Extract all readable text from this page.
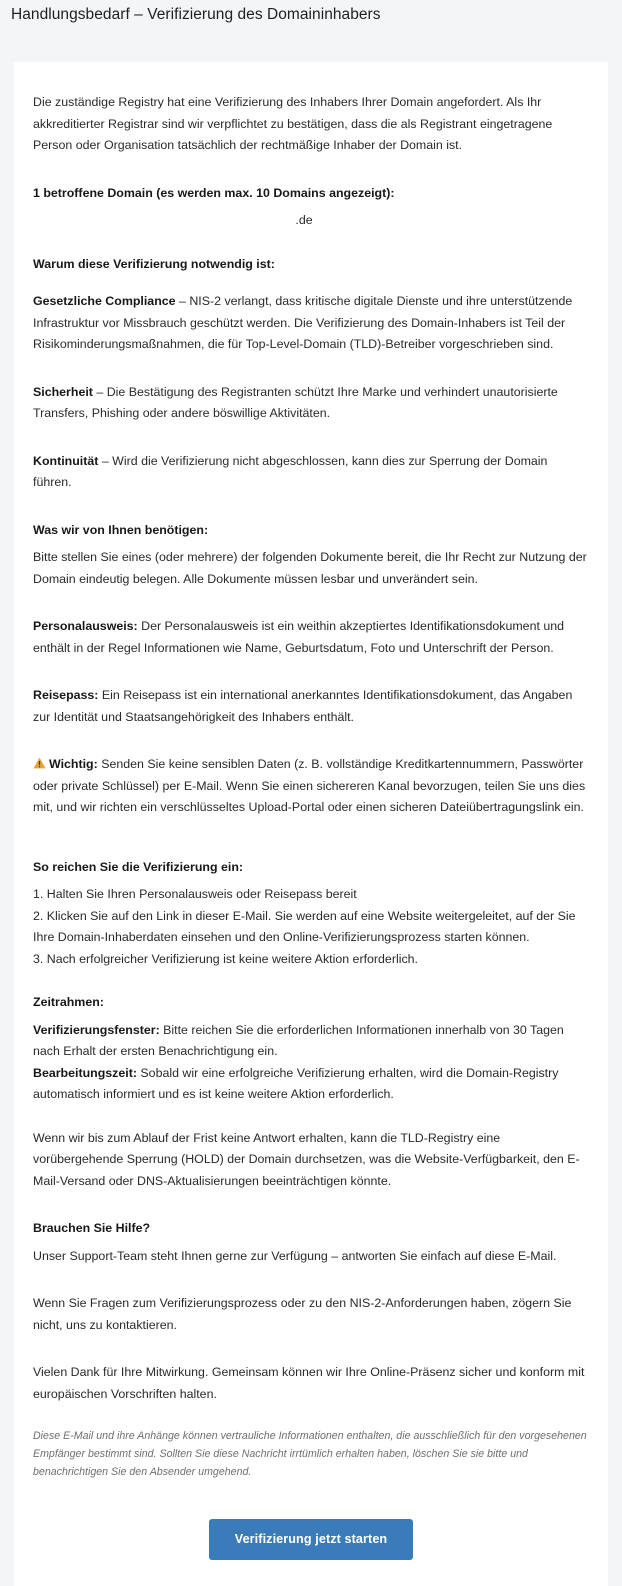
Handlungsbedarf – Verifizierung des Domaininhabers

Die zuständige Registry hat eine Verifizierung des Inhabers Ihrer Domain angefordert. Als Ihr akkreditierter Registrar sind wir verpflichtet zu bestätigen, dass die als Registrant eingetragene Person oder Organisation tatsächlich der rechtmäßige Inhaber der Domain ist.

1 betroffene Domain (es werden max. 10 Domains angezeigt):
.de
Warum diese Verifizierung notwendig ist:

Gesetzliche Compliance – NIS-2 verlangt, dass kritische digitale Dienste und ihre unterstützende Infrastruktur vor Missbrauch geschützt werden. Die Verifizierung des Domain-Inhabers ist Teil der Risikominderungsmaßnahmen, die für Top-Level-Domain (TLD)-Betreiber vorgeschrieben sind.

Sicherheit – Die Bestätigung des Registranten schützt Ihre Marke und verhindert unautorisierte Transfers, Phishing oder andere böswillige Aktivitäten.

Kontinuität – Wird die Verifizierung nicht abgeschlossen, kann dies zur Sperrung der Domain führen.

Was wir von Ihnen benötigen:

Bitte stellen Sie eines (oder mehrere) der folgenden Dokumente bereit, die Ihr Recht zur Nutzung der Domain eindeutig belegen. Alle Dokumente müssen lesbar und unverändert sein.

Personalausweis: Der Personalausweis ist ein weithin akzeptiertes Identifikationsdokument und enthält in der Regel Informationen wie Name, Geburtsdatum, Foto und Unterschrift der Person.

Reisepass: Ein Reisepass ist ein international anerkanntes Identifikationsdokument, das Angaben zur Identität und Staatsangehörigkeit des Inhabers enthält.

Wichtig: Senden Sie keine sensiblen Daten (z. B. vollständige Kreditkartennummern, Passwörter oder private Schlüssel) per E-Mail. Wenn Sie einen sichereren Kanal bevorzugen, teilen Sie uns dies mit, und wir richten ein verschlüsseltes Upload-Portal oder einen sicheren Dateiübertragungslink ein.

So reichen Sie die Verifizierung ein:
1. Halten Sie Ihren Personalausweis oder Reisepass bereit
2. Klicken Sie auf den Link in dieser E-Mail. Sie werden auf eine Website weitergeleitet, auf der Sie Ihre Domain-Inhaberdaten einsehen und den Online-Verifizierungsprozess starten können.
3. Nach erfolgreicher Verifizierung ist keine weitere Aktion erforderlich.
Zeitrahmen:
Verifizierungsfenster: Bitte reichen Sie die erforderlichen Informationen innerhalb von 30 Tagen nach Erhalt der ersten Benachrichtigung ein.
Bearbeitungszeit: Sobald wir eine erfolgreiche Verifizierung erhalten, wird die Domain-Registry automatisch informiert und es ist keine weitere Aktion erforderlich.

Wenn wir bis zum Ablauf der Frist keine Antwort erhalten, kann die TLD-Registry eine vorübergehende Sperrung (HOLD) der Domain durchsetzen, was die Website-Verfügbarkeit, den E-Mail-Versand oder DNS-Aktualisierungen beeinträchtigen könnte.

Brauchen Sie Hilfe?

Unser Support-Team steht Ihnen gerne zur Verfügung – antworten Sie einfach auf diese E-Mail.

Wenn Sie Fragen zum Verifizierungsprozess oder zu den NIS-2-Anforderungen haben, zögern Sie nicht, uns zu kontaktieren.

Vielen Dank für Ihre Mitwirkung. Gemeinsam können wir Ihre Online-Präsenz sicher und konform mit europäischen Vorschriften halten.

Diese E-Mail und ihre Anhänge können vertrauliche Informationen enthalten, die ausschließlich für den vorgesehenen Empfänger bestimmt sind. Sollten Sie diese Nachricht irrtümlich erhalten haben, löschen Sie sie bitte und benachrichtigen Sie den Absender umgehend.
Verifizierung jetzt starten
